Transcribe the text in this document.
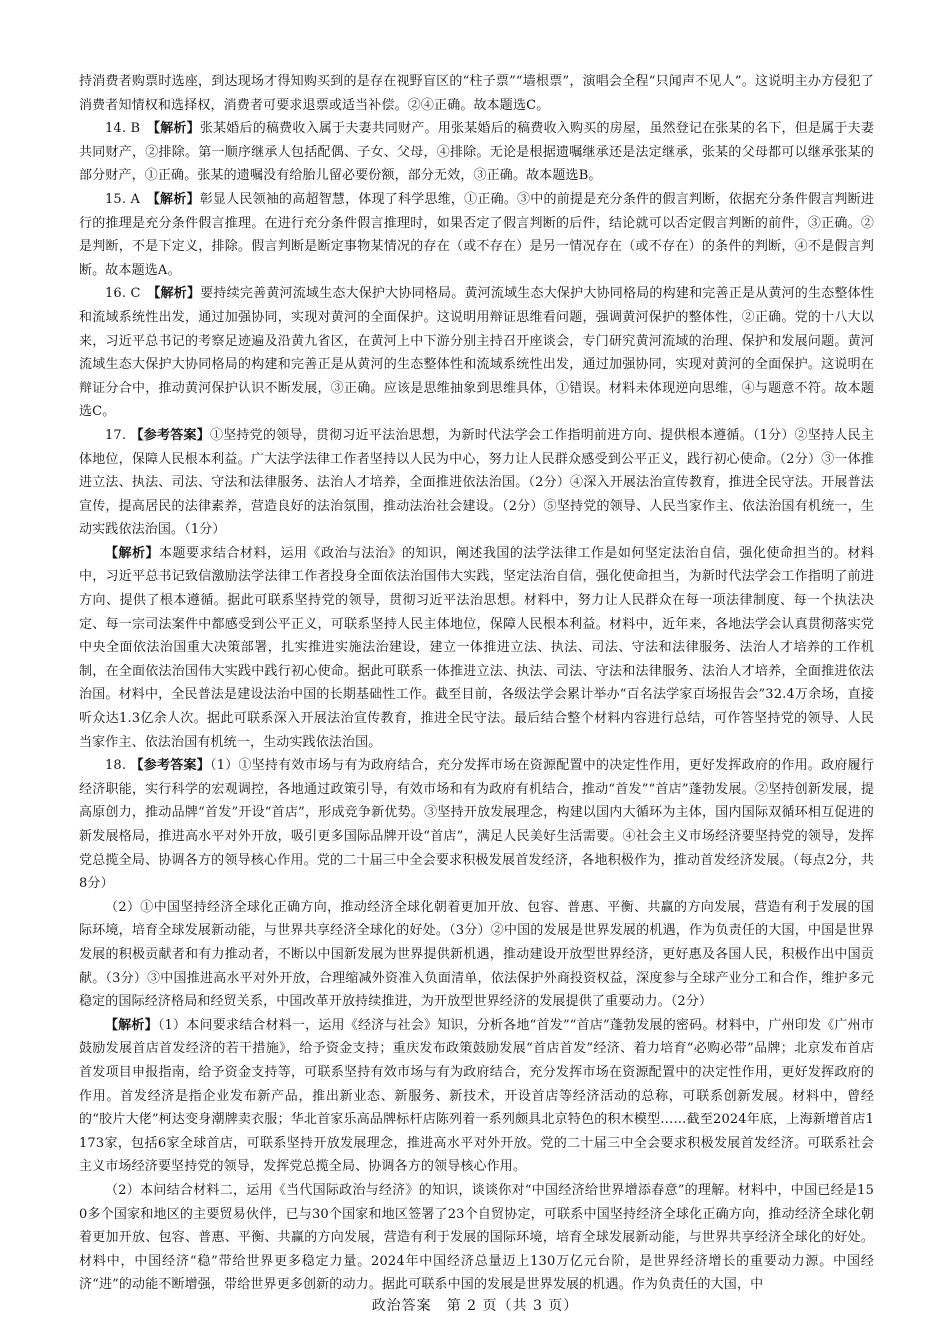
持消费者购票时选座，到达现场才得知购买到的是存在视野盲区的“柱子票”“墙根票”，演唱会全程“只闻声不见人”。这说明主办方侵犯了消费者知情权和选择权，消费者可要求退票或适当补偿。②④正确。故本题选C。

14. B　【解析】张某婚后的稿费收入属于夫妻共同财产。用张某婚后的稿费收入购买的房屋，虽然登记在张某的名下，但是属于夫妻共同财产，②排除。第一顺序继承人包括配偶、子女、父母，④排除。无论是根据遗嘱继承还是法定继承，张某的父母都可以继承张某的部分财产，①正确。张某的遗嘱没有给胎儿留必要份额，部分无效，③正确。故本题选B。

15. A　【解析】彰显人民领袖的高超智慧，体现了科学思维，①正确。③中的前提是充分条件的假言判断，依据充分条件假言判断进行的推理是充分条件假言推理。在进行充分条件假言推理时，如果否定了假言判断的后件，结论就可以否定假言判断的前件，③正确。②是判断，不是下定义，排除。假言判断是断定事物某情况的存在（或不存在）是另一情况存在（或不存在）的条件的判断，④不是假言判断。故本题选A。

16. C　【解析】要持续完善黄河流域生态大保护大协同格局。黄河流域生态大保护大协同格局的构建和完善正是从黄河的生态整体性和流域系统性出发，通过加强协同，实现对黄河的全面保护。这说明用辩证思维看问题，强调黄河保护的整体性，②正确。党的十八大以来，习近平总书记的考察足迹遍及沿黄九省区，在黄河上中下游分别主持召开座谈会，专门研究黄河流域的治理、保护和发展问题。黄河流域生态大保护大协同格局的构建和完善正是从黄河的生态整体性和流域系统性出发，通过加强协同，实现对黄河的全面保护。这说明在辩证分合中，推动黄河保护认识不断发展，③正确。应该是思维抽象到思维具体，①错误。材料未体现逆向思维，④与题意不符。故本题选C。

17. 【参考答案】①坚持党的领导，贯彻习近平法治思想，为新时代法学会工作指明前进方向、提供根本遵循。（1分）②坚持人民主体地位，保障人民根本利益。广大法学法律工作者坚持以人民为中心，努力让人民群众感受到公平正义，践行初心使命。（2分）③一体推进立法、执法、司法、守法和法律服务、法治人才培养，全面推进依法治国。（2分）④深入开展法治宣传教育，推进全民守法。开展普法宣传，提高居民的法律素养，营造良好的法治氛围，推动法治社会建设。（2分）⑤坚持党的领导、人民当家作主、依法治国有机统一，生动实践依法治国。（1分）

【解析】本题要求结合材料，运用《政治与法治》的知识，阐述我国的法学法律工作是如何坚定法治自信，强化使命担当的。材料中，习近平总书记致信激励法学法律工作者投身全面依法治国伟大实践，坚定法治自信，强化使命担当，为新时代法学会工作指明了前进方向、提供了根本遵循。据此可联系坚持党的领导，贯彻习近平法治思想。材料中，努力让人民群众在每一项法律制度、每一个执法决定、每一宗司法案件中都感受到公平正义，可联系坚持人民主体地位，保障人民根本利益。材料中，近年来，各地法学会认真贯彻落实党中央全面依法治国重大决策部署，扎实推进实施法治建设，建立一体推进立法、执法、司法、守法和法律服务、法治人才培养的工作机制，在全面依法治国伟大实践中践行初心使命。据此可联系一体推进立法、执法、司法、守法和法律服务、法治人才培养，全面推进依法治国。材料中，全民普法是建设法治中国的长期基础性工作。截至目前，各级法学会累计举办“百名法学家百场报告会”32.4万余场，直接听众达1.3亿余人次。据此可联系深入开展法治宣传教育，推进全民守法。最后结合整个材料内容进行总结，可作答坚持党的领导、人民当家作主、依法治国有机统一，生动实践依法治国。

18. 【参考答案】（1）①坚持有效市场与有为政府结合，充分发挥市场在资源配置中的决定性作用，更好发挥政府的作用。政府履行经济职能，实行科学的宏观调控，各地通过政策引导，有效市场和有为政府有机结合，推动“首发”“首店”蓬勃发展。②坚持创新发展，提高原创力，推动品牌“首发”开设“首店”，形成竞争新优势。③坚持开放发展理念，构建以国内大循环为主体，国内国际双循环相互促进的新发展格局，推进高水平对外开放，吸引更多国际品牌开设“首店”，满足人民美好生活需要。④社会主义市场经济要坚持党的领导，发挥党总揽全局、协调各方的领导核心作用。党的二十届三中全会要求积极发展首发经济，各地积极作为，推动首发经济发展。（每点2分，共8分）

（2）①中国坚持经济全球化正确方向，推动经济全球化朝着更加开放、包容、普惠、平衡、共赢的方向发展，营造有利于发展的国际环境，培育全球发展新动能，与世界共享经济全球化的好处。（3分）②中国的发展是世界发展的机遇，作为负责任的大国，中国是世界发展的积极贡献者和有力推动者，不断以中国新发展为世界提供新机遇，推动建设开放型世界经济，更好惠及各国人民，积极作出中国贡献。（3分）③中国推进高水平对外开放，合理缩减外资准入负面清单，依法保护外商投资权益，深度参与全球产业分工和合作，维护多元稳定的国际经济格局和经贸关系，中国改革开放持续推进，为开放型世界经济的发展提供了重要动力。（2分）

【解析】（1）本问要求结合材料一，运用《经济与社会》知识，分析各地“首发”“首店”蓬勃发展的密码。材料中，广州印发《广州市鼓励发展首店首发经济的若干措施》，给予资金支持；重庆发布政策鼓励发展“首店首发”经济、着力培育“必购必带”品牌；北京发布首店首发项目申报指南，给予资金支持等，可联系坚持有效市场与有为政府结合，充分发挥市场在资源配置中的决定性作用，更好发挥政府的作用。首发经济是指企业发布新产品，推出新业态、新服务、新技术，开设首店等经济活动的总称，可联系创新发展。材料中，曾经的“胶片大佬”柯达变身潮牌卖衣服；华北首家乐高品牌标杆店陈列着一系列颇具北京特色的积木模型……截至2024年底，上海新增首店1173家，包括6家全球首店，可联系坚持开放发展理念，推进高水平对外开放。党的二十届三中全会要求积极发展首发经济。可联系社会主义市场经济要坚持党的领导，发挥党总揽全局、协调各方的领导核心作用。

（2）本问结合材料二，运用《当代国际政治与经济》的知识，谈谈你对“中国经济给世界增添春意”的理解。材料中，中国已经是150多个国家和地区的主要贸易伙伴，已与30个国家和地区签署了23个自贸协定，可联系中国坚持经济全球化正确方向，推动经济全球化朝着更加开放、包容、普惠、平衡、共赢的方向发展，营造有利于发展的国际环境，培育全球发展新动能，与世界共享经济全球化的好处。材料中，中国经济“稳”带给世界更多稳定力量。2024年中国经济总量迈上130万亿元台阶，是世界经济增长的重要动力源。中国经济“进”的动能不断增强，带给世界更多创新的动力。据此可联系中国的发展是世界发展的机遇。作为负责任的大国，中

政治答案　第 2 页（共 3 页）
